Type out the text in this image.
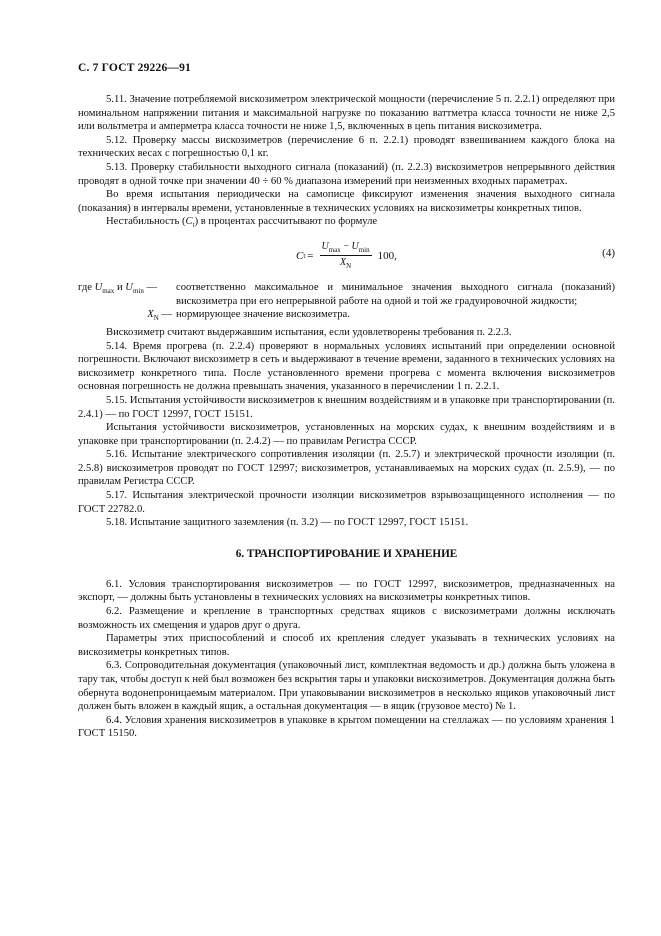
С. 7 ГОСТ 29226—91

5.11. Значение потребляемой вискозиметром электрической мощности (перечисление 5 п. 2.2.1) определяют при номинальном напряжении питания и максимальной нагрузке по показанию ваттметра класса точности не ниже 2,5 или вольтметра и амперметра класса точности не ниже 1,5, включенных в цепь питания вискозиметра.

5.12. Проверку массы вискозиметров (перечисление 6 п. 2.2.1) проводят взвешиванием каждого блока на технических весах с погрешностью 0,1 кг.

5.13. Проверку стабильности выходного сигнала (показаний) (п. 2.2.3) вискозиметров непрерывного действия проводят в одной точке при значении 40 ÷ 60 % диапазона измерений при неизменных входных параметрах.

Во время испытания периодически на самописце фиксируют изменения значения выходного сигнала (показания) в интервалы времени, установленные в технических условиях на вискозиметры конкретных типов.

Нестабильность $(C_t)$ в процентах рассчитывают по формуле

C $t = \frac{U_{max} - U_{min}}{X_N} 100$,	(4)
где $U_{max}$ и $U_{min}$ —	соответственно максимальное и минимальное значения выходного сигнала (показаний) вискозиметра при его непрерывной работе на одной и той же градуировочной жидкости;
$X_N$ — нормирующее значение вискозиметра.

Вискозиметр считают выдержавшим испытания, если удовлетворены требования п. 2.2.3.

5.14. Время прогрева (п. 2.2.4) проверяют в нормальных условиях испытаний при определении основной погрешности. Включают вискозиметр в сеть и выдерживают в течение времени, заданного в технических условиях на вискозиметр конкретного типа. После установленного времени прогрева с момента включения вискозиметров основная погрешность не должна превышать значения, указанного в перечислении 1 п. 2.2.1.

5.15. Испытания устойчивости вискозиметров к внешним воздействиям и в упаковке при транспортировании (п. 2.4.1) — по ГОСТ 12997, ГОСТ 15151.

Испытания устойчивости вискозиметров, установленных на морских судах, к внешним воздействиям и в упаковке при транспортировании (п. 2.4.2) — по правилам Регистра СССР.

5.16. Испытание электрического сопротивления изоляции (п. 2.5.7) и электрической прочности изоляции (п. 2.5.8) вискозиметров проводят по ГОСТ 12997; вискозиметров, устанавливаемых на морских судах (п. 2.5.9), — по правилам Регистра СССР.

5.17. Испытания электрической прочности изоляции вискозиметров взрывозащищенного исполнения — по ГОСТ 22782.0.

5.18. Испытание защитного заземления (п. 3.2) — по ГОСТ 12997, ГОСТ 15151.

6. ТРАНСПОРТИРОВАНИЕ И ХРАНЕНИЕ

6.1. Условия транспортирования вискозиметров — по ГОСТ 12997, вискозиметров, предназначенных на экспорт, — должны быть установлены в технических условиях на вискозиметры конкретных типов.

6.2. Размещение и крепление в транспортных средствах ящиков с вискозиметрами должны исключать возможность их смещения и ударов друг о друга.

Параметры этих приспособлений и способ их крепления следует указывать в технических условиях на вискозиметры конкретных типов.

6.3. Сопроводительная документация (упаковочный лист, комплектная ведомость и др.) должна быть уложена в тару так, чтобы доступ к ней был возможен без вскрытия тары и упаковки вискозиметров. Документация должна быть обернута водонепроницаемым материалом. При упаковывании вискозиметров в несколько ящиков упаковочный лист должен быть вложен в каждый ящик, а остальная документация — в ящик (грузовое место) № 1.

6.4. Условия хранения вискозиметров в упаковке в крытом помещении на стеллажах — по условиям хранения 1 ГОСТ 15150.
